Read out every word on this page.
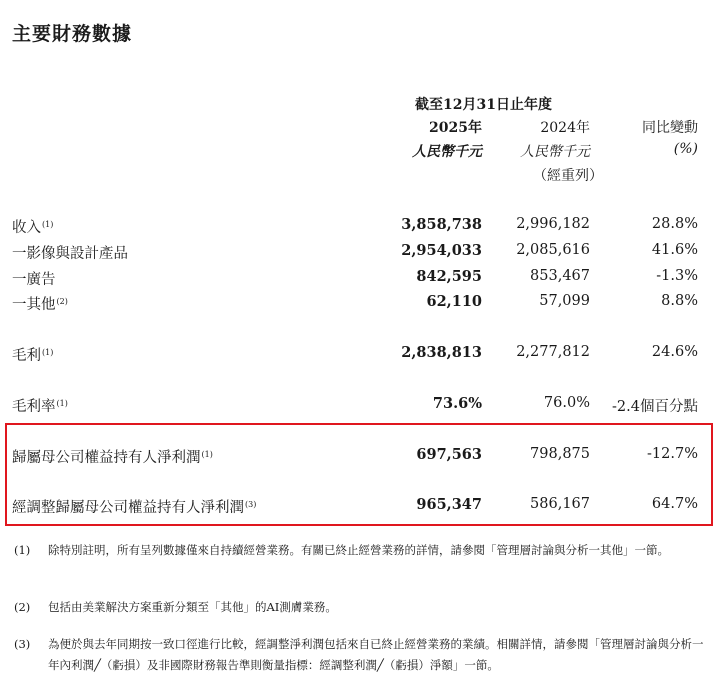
主要財務數據
截至12月31日止年度
2025年
人民幣千元
2024年
人民幣千元
（經重列）
同比變動
(%)
收入$^{(1)}$	3,858,738 2,996,182	28.8%
一影像與設計產品	2,954,033 2,085,616	41.6%
一廣告	842,595	853,467	-1.3%
一其他$^{(2)}$	62,110	57,099	8.8%
毛利$^{(1)}$	2,838,813 2,277,812	24.6%
毛利率$^{(1)}$	73.6%	76.0% -2.4個百分點
歸屬母公司權益持有人淨利潤$^{(1)}$	697,563	798,875	-12.7%
經調整歸屬母公司權益持有人淨利潤$^{(3)}$	965,347	586,167	64.7%
(1)	除特別註明，所有呈列數據僅來自持續經營業務。有關已終止經營業務的詳情，請參閱「管理層討論與分析一其他」一節。
(2)	包括由美業解決方案重新分類至「其他」的AI測膚業務。
(3)	為便於與去年同期按一致口徑進行比較，經調整淨利潤包括來自已終止經營業務的業績。相關詳情，請參閱「管理層討論與分析一年內利潤╱（虧損）及非國際財務報告準則衡量指標：經調整利潤╱（虧損）淨額」一節。
